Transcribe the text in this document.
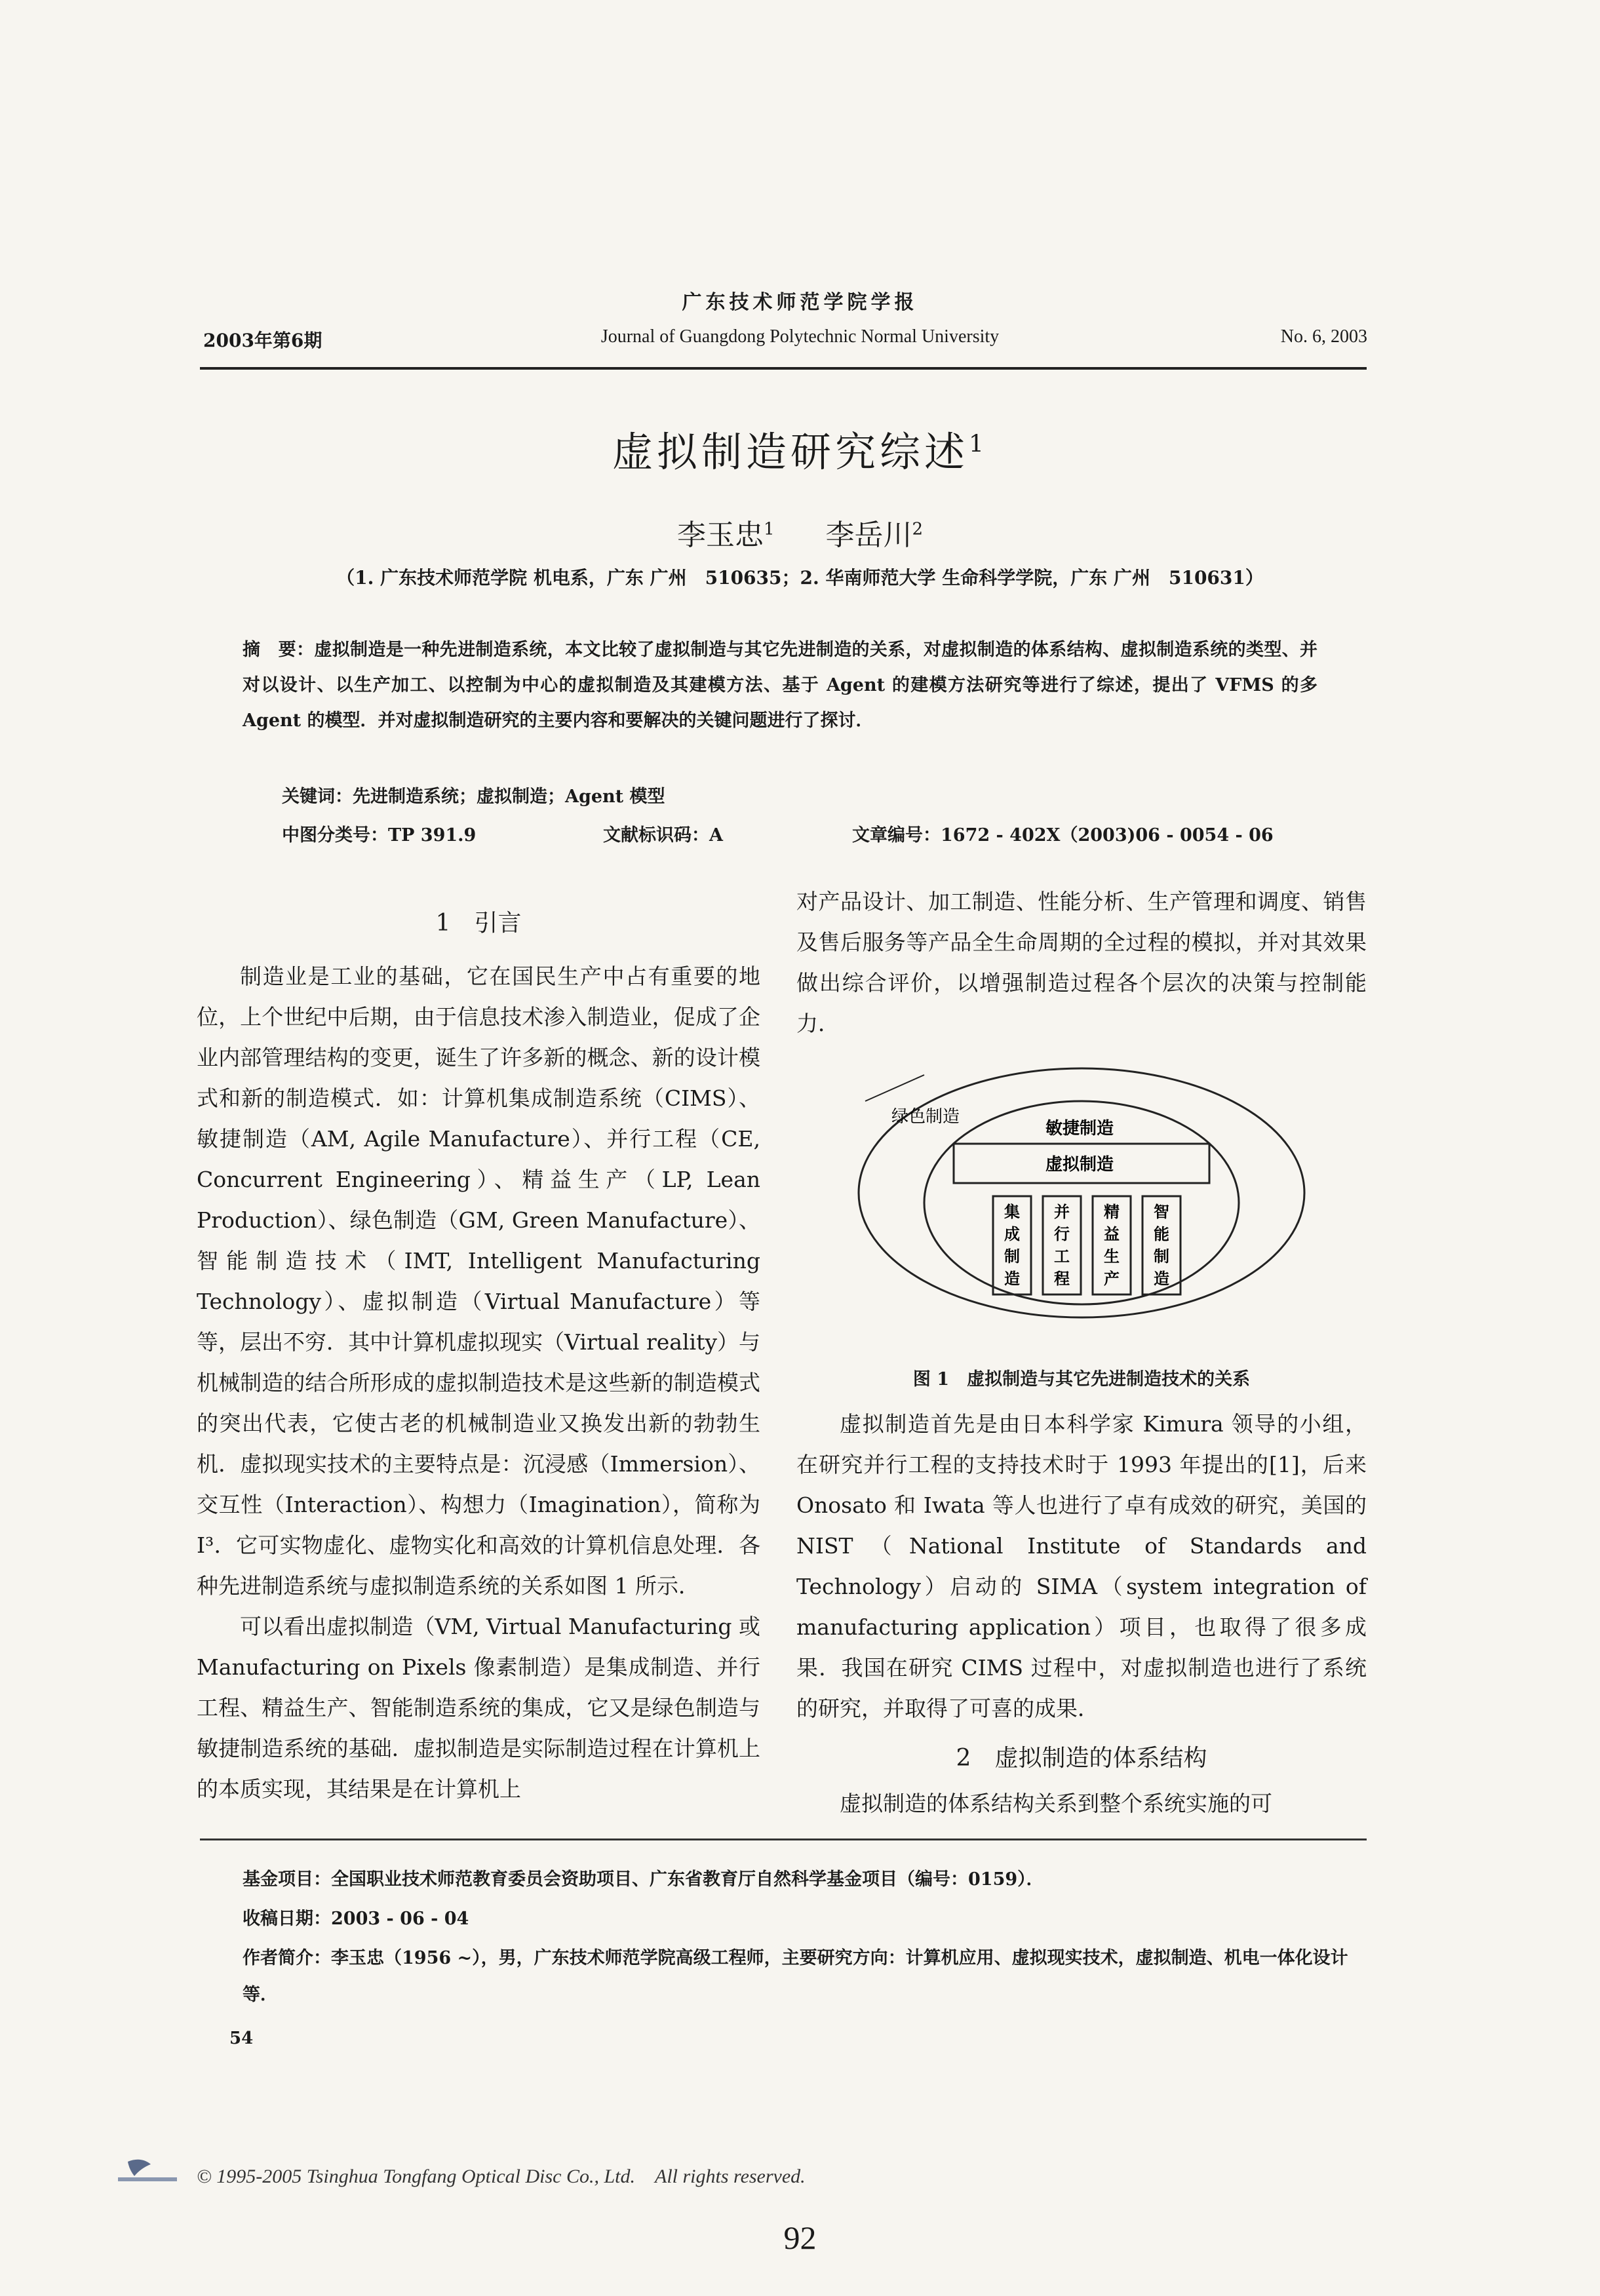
广东技术师范学院学报
2003年第6期	Journal of Guangdong Polytechnic Normal University	No. 6, 2003
虚拟制造研究综述$^1$
李玉忠$^1$ 李岳川$^2$
（1. 广东技术师范学院 机电系，广东 广州　510635；2. 华南师范大学 生命科学学院，广东 广州　510631）
摘　要：虚拟制造是一种先进制造系统，本文比较了虚拟制造与其它先进制造的关系，对虚拟制造的体系结构、虚拟制造系统的类型、并对以设计、以生产加工、以控制为中心的虚拟制造及其建模方法、基于 Agent 的建模方法研究等进行了综述，提出了 VFMS 的多 Agent 的模型．并对虚拟制造研究的主要内容和要解决的关键问题进行了探讨．
关键词：先进制造系统；虚拟制造；Agent 模型
中图分类号：TP 391.9	文献标识码：A	文章编号：1672 - 402X（2003)06 - 0054 - 06
1　引言
制造业是工业的基础，它在国民生产中占有重要的地位，上个世纪中后期，由于信息技术渗入制造业，促成了企业内部管理结构的变更，诞生了许多新的概念、新的设计模式和新的制造模式．如：计算机集成制造系统（CIMS）、敏捷制造（AM, Agile Manufacture）、并行工程（CE, Concurrent Engineering）、精益生产（LP, Lean Production）、绿色制造（GM, Green Manufacture）、智能制造技术（IMT, Intelligent Manufacturing Technology）、虚拟制造（Virtual Manufacture）等等，层出不穷．其中计算机虚拟现实（Virtual reality）与机械制造的结合所形成的虚拟制造技术是这些新的制造模式的突出代表，它使古老的机械制造业又换发出新的勃勃生机．虚拟现实技术的主要特点是：沉浸感（Immersion）、交互性（Interaction）、构想力（Imagination），简称为 I³．它可实物虚化、虚物实化和高效的计算机信息处理．各种先进制造系统与虚拟制造系统的关系如图 1 所示．
可以看出虚拟制造（VM, Virtual Manufacturing 或 Manufacturing on Pixels 像素制造）是集成制造、并行工程、精益生产、智能制造系统的集成，它又是绿色制造与敏捷制造系统的基础．虚拟制造是实际制造过程在计算机上的本质实现，其结果是在计算机上
对产品设计、加工制造、性能分析、生产管理和调度、销售及售后服务等产品全生命周期的全过程的模拟，并对其效果做出综合评价，以增强制造过程各个层次的决策与控制能力．
绿色制造
敏捷制造
虚拟制造
集
成
制
造
并
行
工
程
精
益
生
产
智
能
制
造
图 1　虚拟制造与其它先进制造技术的关系
虚拟制造首先是由日本科学家 Kimura 领导的小组，在研究并行工程的支持技术时于 1993 年提出的[1]，后来 Onosato 和 Iwata 等人也进行了卓有成效的研究，美国的 NIST（National Institute of Standards and Technology）启动的 SIMA（system integration of manufacturing application）项目，也取得了很多成果．我国在研究 CIMS 过程中，对虚拟制造也进行了系统的研究，并取得了可喜的成果．
2　虚拟制造的体系结构
虚拟制造的体系结构关系到整个系统实施的可
基金项目：全国职业技术师范教育委员会资助项目、广东省教育厅自然科学基金项目（编号：0159）．
收稿日期：2003 - 06 - 04
作者简介：李玉忠（1956 ~），男，广东技术师范学院高级工程师，主要研究方向：计算机应用、虚拟现实技术，虚拟制造、机电一体化设计等．
54
© 1995-2005 Tsinghua Tongfang Optical Disc Co., Ltd.　All rights reserved.
92
